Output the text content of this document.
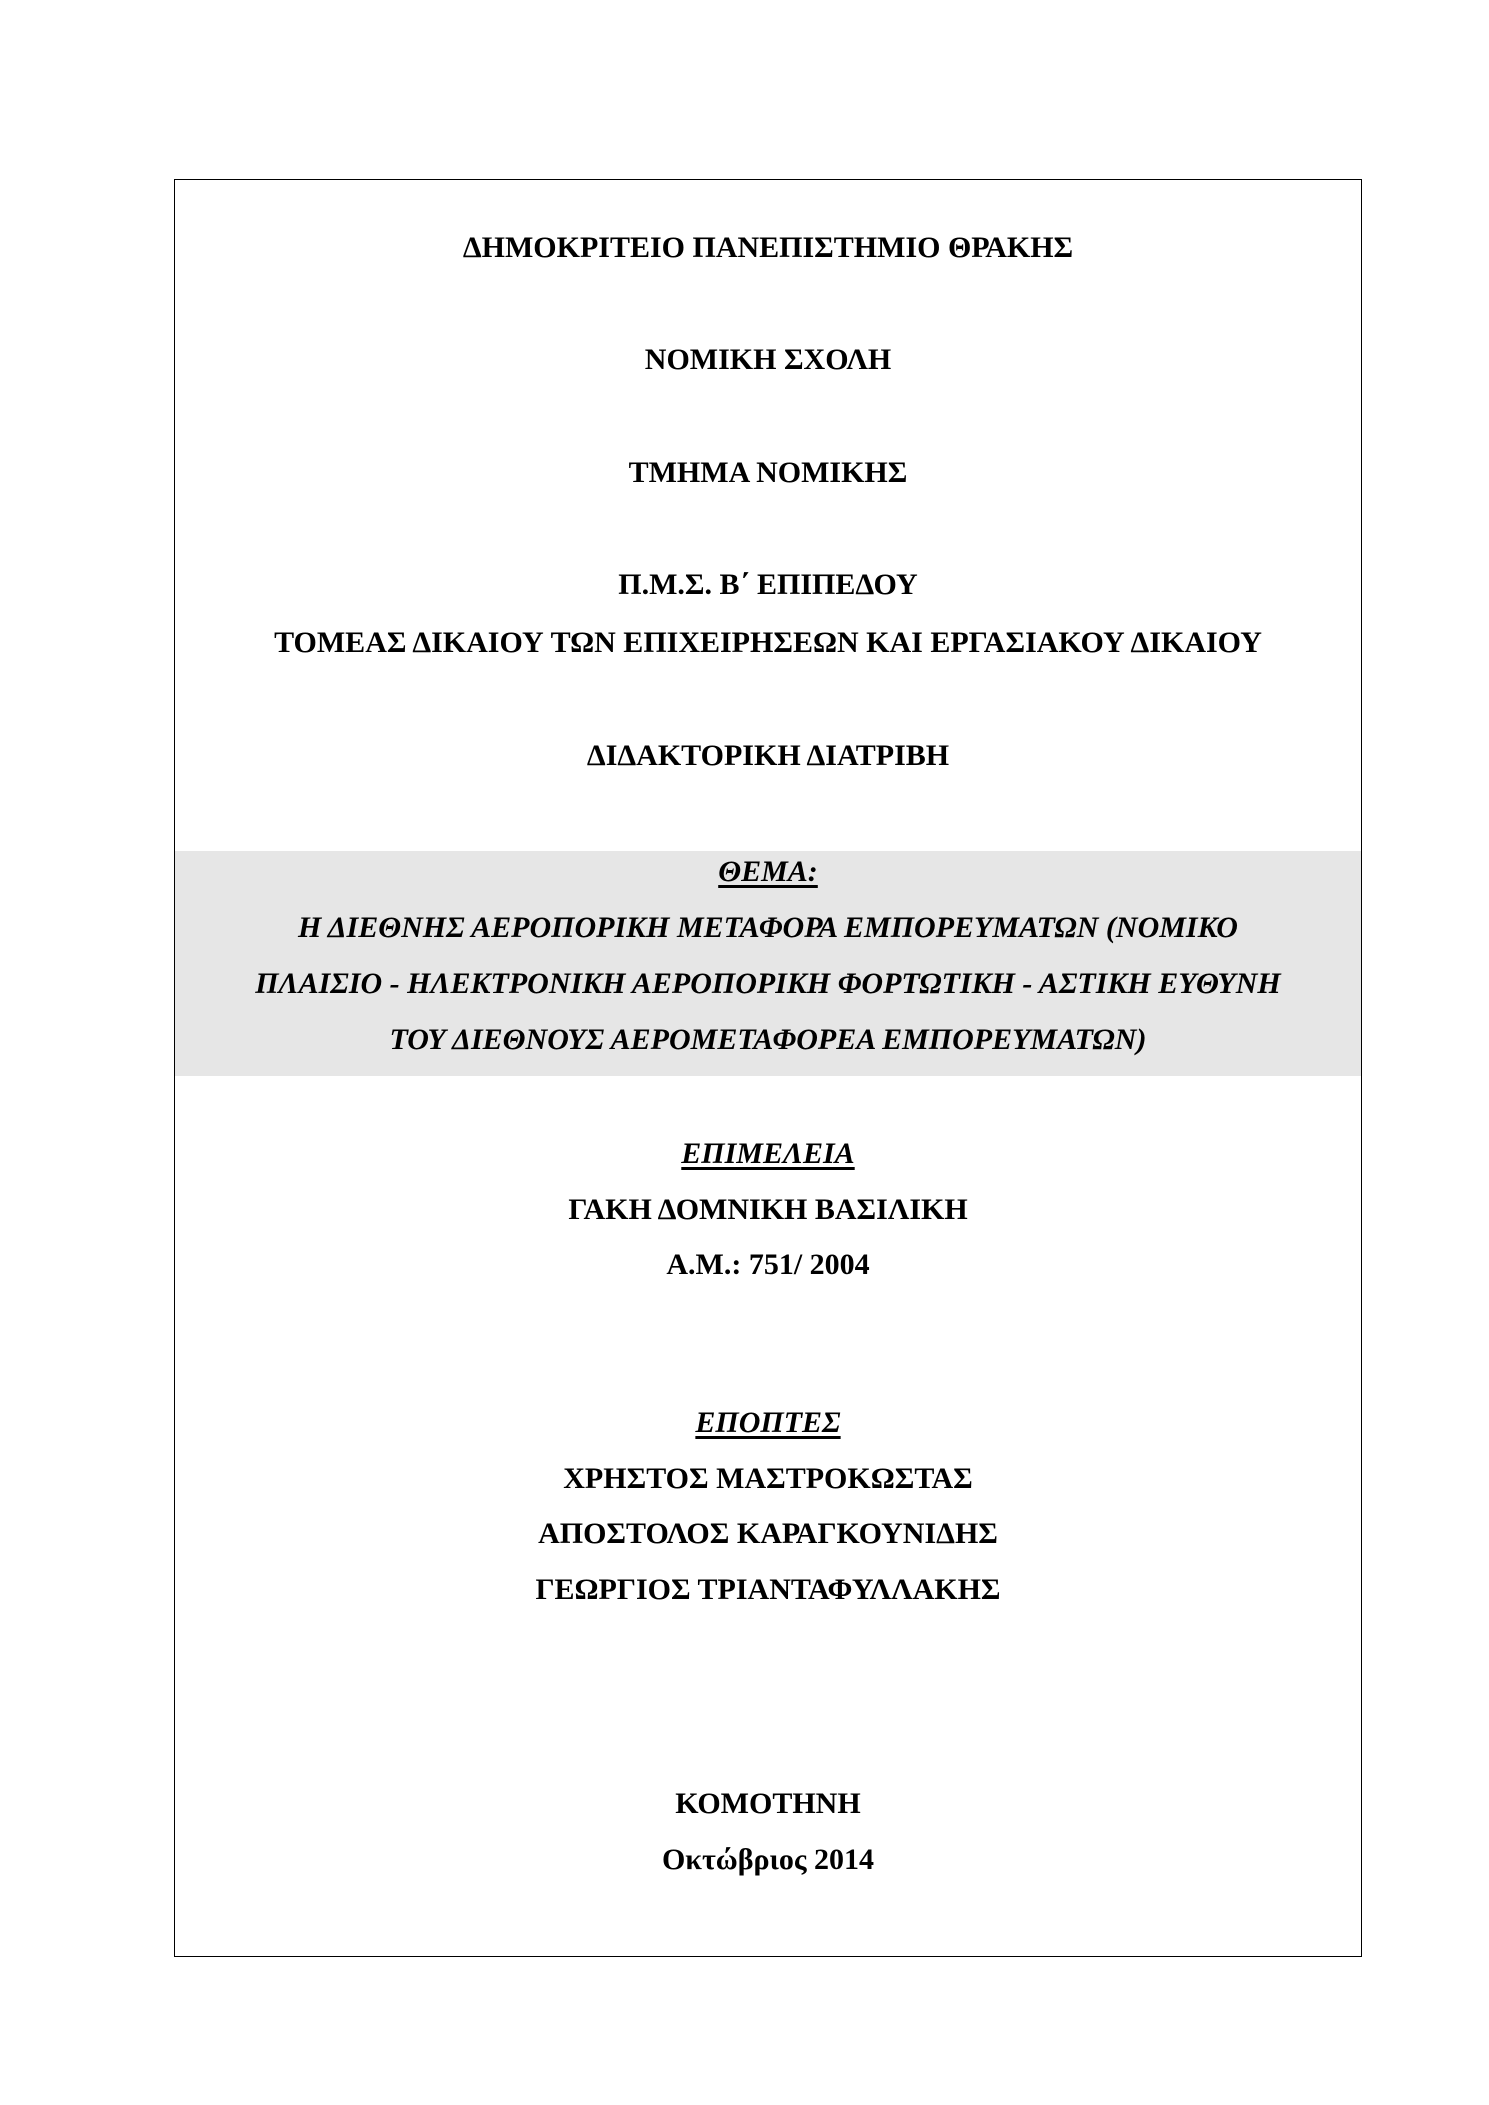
ΔΗΜΟΚΡΙΤΕΙΟ ΠΑΝΕΠΙΣΤΗΜΙΟ ΘΡΑΚΗΣ
ΝΟΜΙΚΗ ΣΧΟΛΗ
ΤΜΗΜΑ ΝΟΜΙΚΗΣ
Π.Μ.Σ. Β΄ ΕΠΙΠΕΔΟΥ
ΤΟΜΕΑΣ ΔΙΚΑΙΟΥ ΤΩΝ ΕΠΙΧΕΙΡΗΣΕΩΝ ΚΑΙ ΕΡΓΑΣΙΑΚΟΥ ΔΙΚΑΙΟΥ
ΔΙΔΑΚΤΟΡΙΚΗ ΔΙΑΤΡΙΒΗ
ΘΕΜΑ:
Η ΔΙΕΘΝΗΣ ΑΕΡΟΠΟΡΙΚΗ ΜΕΤΑΦΟΡΑ ΕΜΠΟΡΕΥΜΑΤΩΝ (ΝΟΜΙΚΟ
ΠΛΑΙΣΙΟ - ΗΛΕΚΤΡΟΝΙΚΗ ΑΕΡΟΠΟΡΙΚΗ ΦΟΡΤΩΤΙΚΗ - ΑΣΤΙΚΗ ΕΥΘΥΝΗ
ΤΟΥ ΔΙΕΘΝΟΥΣ ΑΕΡΟΜΕΤΑΦΟΡΕΑ ΕΜΠΟΡΕΥΜΑΤΩΝ)
ΕΠΙΜΕΛΕΙΑ
ΓΑΚΗ ΔΟΜΝΙΚΗ ΒΑΣΙΛΙΚΗ
Α.Μ.: 751/ 2004
ΕΠΟΠΤΕΣ
ΧΡΗΣΤΟΣ ΜΑΣΤΡΟΚΩΣΤΑΣ
ΑΠΟΣΤΟΛΟΣ ΚΑΡΑΓΚΟΥΝΙΔΗΣ
ΓΕΩΡΓΙΟΣ ΤΡΙΑΝΤΑΦΥΛΛΑΚΗΣ
ΚΟΜΟΤΗΝΗ
Οκτώβριος 2014
